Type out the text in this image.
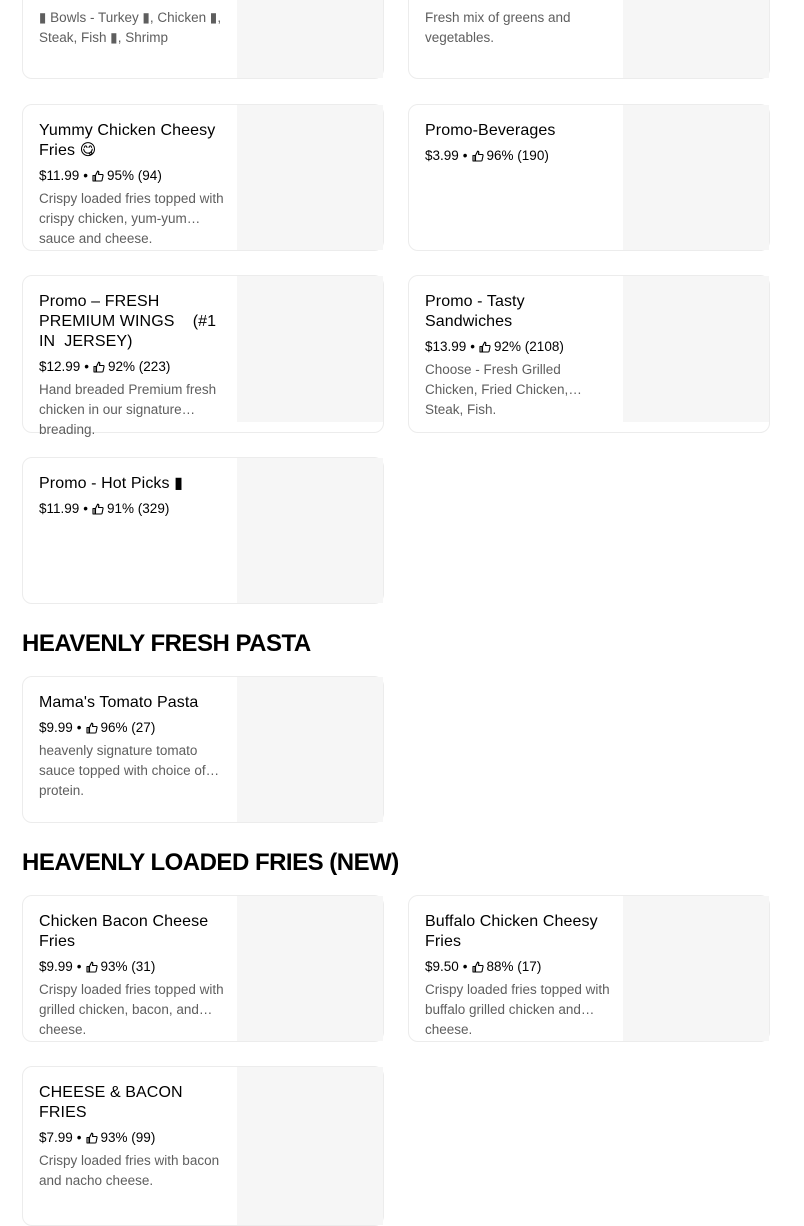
▮ Bowls - Turkey ▮, Chicken ▮, Steak, Fish ▮, Shrimp
Fresh mix of greens and vegetables.
Yummy Chicken Cheesy Fries 😋
$11.99 • 95% (94)
Crispy loaded fries topped with crispy chicken, yum-yum sauce and cheese.
Promo-Beverages
$3.99 • 96% (190)
Promo – FRESH PREMIUM WINGS    (#1 IN  JERSEY)
$12.99 • 92% (223)
Hand breaded Premium fresh chicken in our signature breading.
Promo - Tasty Sandwiches
$13.99 • 92% (2108)
Choose - Fresh Grilled Chicken, Fried Chicken, Steak, Fish.
Promo - Hot Picks ▮
$11.99 • 91% (329)
HEAVENLY FRESH PASTA
Mama's Tomato Pasta
$9.99 • 96% (27)
heavenly signature tomato sauce topped with choice of protein.
HEAVENLY LOADED FRIES (NEW)
Chicken Bacon Cheese Fries
$9.99 • 93% (31)
Crispy loaded fries topped with grilled chicken, bacon, and cheese.
Buffalo Chicken Cheesy Fries
$9.50 • 88% (17)
Crispy loaded fries topped with buffalo grilled chicken and cheese.
CHEESE & BACON FRIES
$7.99 • 93% (99)
Crispy loaded fries with bacon and nacho cheese.
